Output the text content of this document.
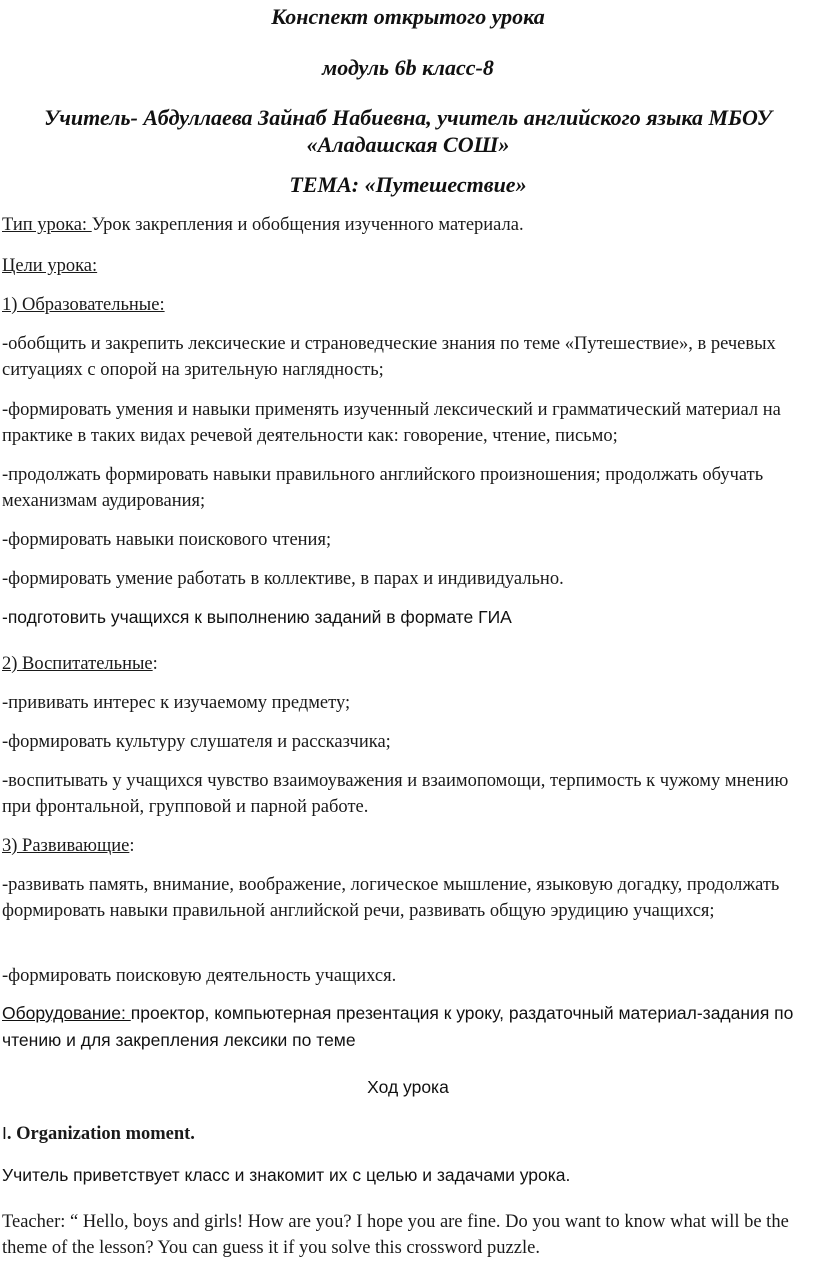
Конспект открытого урока
модуль 6b класс-8
Учитель- Абдуллаева Зайнаб Набиевна, учитель английского языка МБОУ
«Аладашская СОШ»
ТЕМА: «Путешествие»
Тип урока: Урок закрепления и обобщения изученного материала.
Цели урока:
1) Образовательные:
-обобщить и закрепить лексические и страноведческие знания по теме «Путешествие», в речевых ситуациях с опорой на зрительную наглядность;
-формировать умения и навыки применять изученный лексический и грамматический материал на практике в таких видах речевой деятельности как: говорение, чтение, письмо;
-продолжать формировать навыки правильного английского произношения; продолжать обучать механизмам аудирования;
-формировать навыки поискового чтения;
-формировать умение работать в коллективе, в парах и индивидуально.
-подготовить учащихся к выполнению заданий в формате ГИА
2) Воспитательные:
-прививать интерес к изучаемому предмету;
-формировать культуру слушателя и рассказчика;
-воспитывать у учащихся чувство взаимоуважения и взаимопомощи, терпимость к чужому мнению при фронтальной, групповой и парной работе.
3) Развивающие:
-развивать память, внимание, воображение, логическое мышление, языковую догадку, продолжать формировать навыки правильной английской речи, развивать общую эрудицию учащихся;
-формировать поисковую деятельность учащихся.
Оборудование: проектор, компьютерная презентация к уроку, раздаточный материал-задания по чтению и для закрепления лексики по теме
Ход урока
I. Organization moment.
Учитель приветствует класс и знакомит их с целью и задачами урока.
Teacher: “ Hello, boys and girls! How are you? I hope you are fine. Do you want to know what will be the theme of the lesson? You can guess it if you solve this crossword puzzle.
